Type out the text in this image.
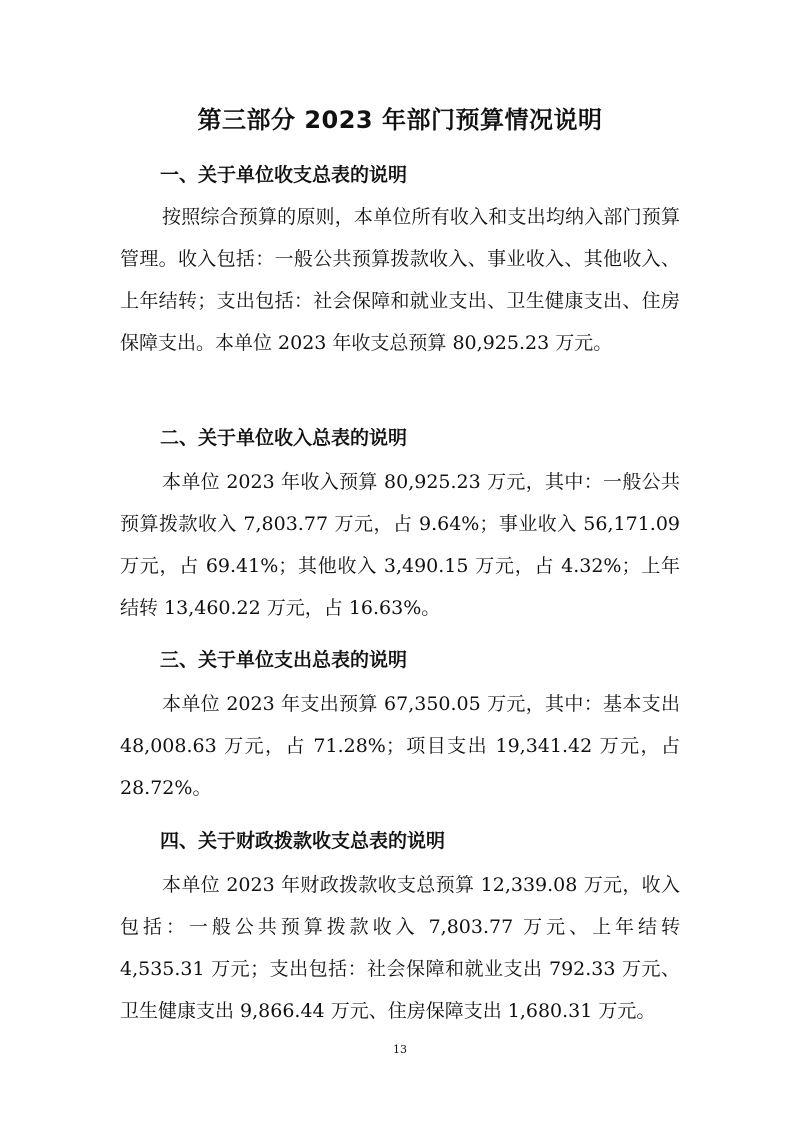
第三部分 2023 年部门预算情况说明
一、关于单位收支总表的说明

按照综合预算的原则，本单位所有收入和支出均纳入部门预算管理。收入包括：一般公共预算拨款收入、事业收入、其他收入、上年结转；支出包括：社会保障和就业支出、卫生健康支出、住房保障支出。本单位 2023 年收支总预算 80,925.23 万元。

二、关于单位收入总表的说明

本单位 2023 年收入预算 80,925.23 万元，其中：一般公共预算拨款收入 7,803.77 万元，占 9.64%；事业收入 56,171.09 万元，占 69.41%；其他收入 3,490.15 万元，占 4.32%；上年结转 13,460.22 万元，占 16.63%。

三、关于单位支出总表的说明

本单位 2023 年支出预算 67,350.05 万元，其中：基本支出 48,008.63 万元，占 71.28%；项目支出 19,341.42 万元，占 28.72%。

四、关于财政拨款收支总表的说明

本单位 2023 年财政拨款收支总预算 12,339.08 万元，收入包括：一般公共预算拨款收入 7,803.77 万元、上年结转 4,535.31 万元；支出包括：社会保障和就业支出 792.33 万元、卫生健康支出 9,866.44 万元、住房保障支出 1,680.31 万元。

13
